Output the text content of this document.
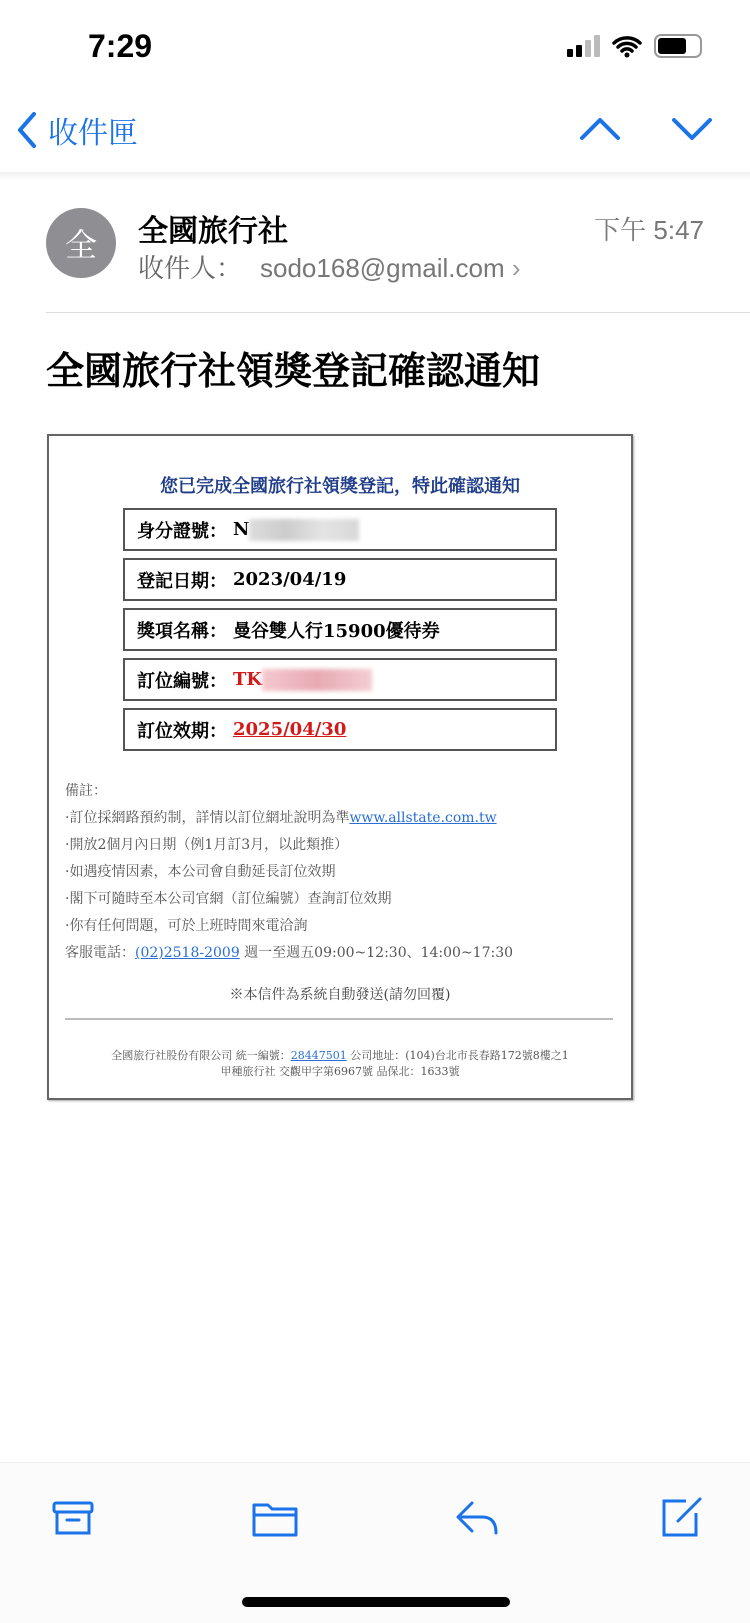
7:29
收件匣
全	全國旅行社
收件人： sodo168@gmail.com ›
下午 5:47
全國旅行社領獎登記確認通知
您已完成全國旅行社領獎登記，特此確認通知
身分證號： N
登記日期： 2023/04/19
獎項名稱： 曼谷雙人行15900優待券
訂位編號： TK
訂位效期： 2025/04/30
備註：
·訂位採網路預約制，詳情以訂位網址說明為準www.allstate.com.tw
·開放2個月內日期（例1月訂3月，以此類推）
·如遇疫情因素，本公司會自動延長訂位效期
·閣下可隨時至本公司官網（訂位編號）查詢訂位效期
·你有任何問題，可於上班時間來電洽詢
客服電話：(02)2518-2009 週一至週五09:00~12:30、14:00~17:30
※本信件為系統自動發送(請勿回覆)
全國旅行社股份有限公司 統一編號：28447501 公司地址：(104)台北市長春路172號8樓之1
甲種旅行社 交觀甲字第6967號 品保北：1633號
